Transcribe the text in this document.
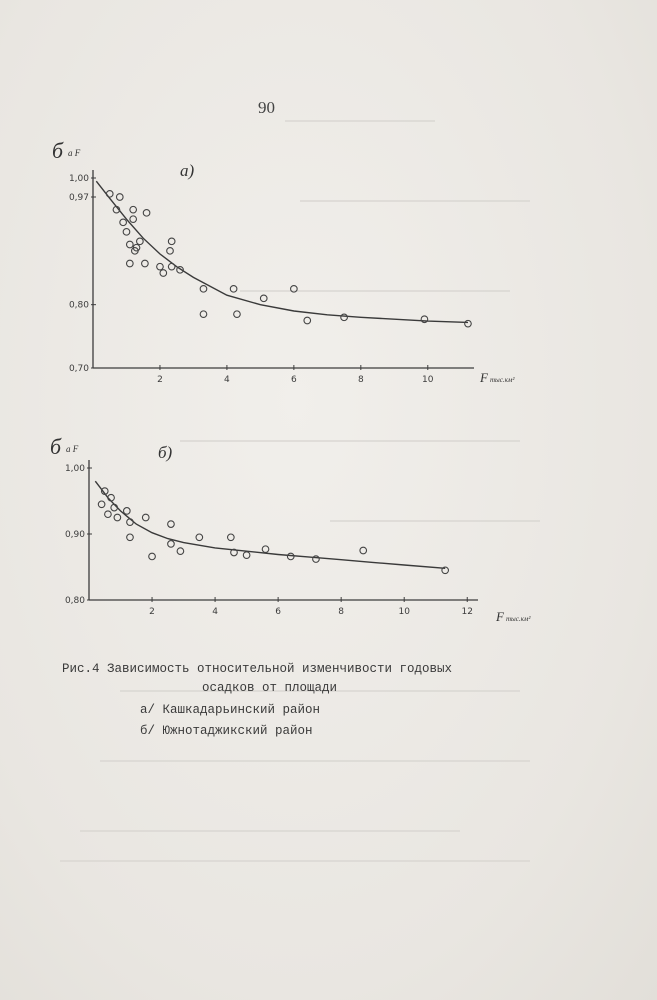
90
б a F
а)
F тыс.км²
1,00
0,97
0,80
0,70
2	4	6	8	10
б a F	б)
F тыс.км²
1,00
0,90
0,80
2	4	6	8	10	12
Рис.4 Зависимость относительной изменчивости годовых
осадков от площади
а/ Кашкадарьинский район
б/ Южнотаджикский район
